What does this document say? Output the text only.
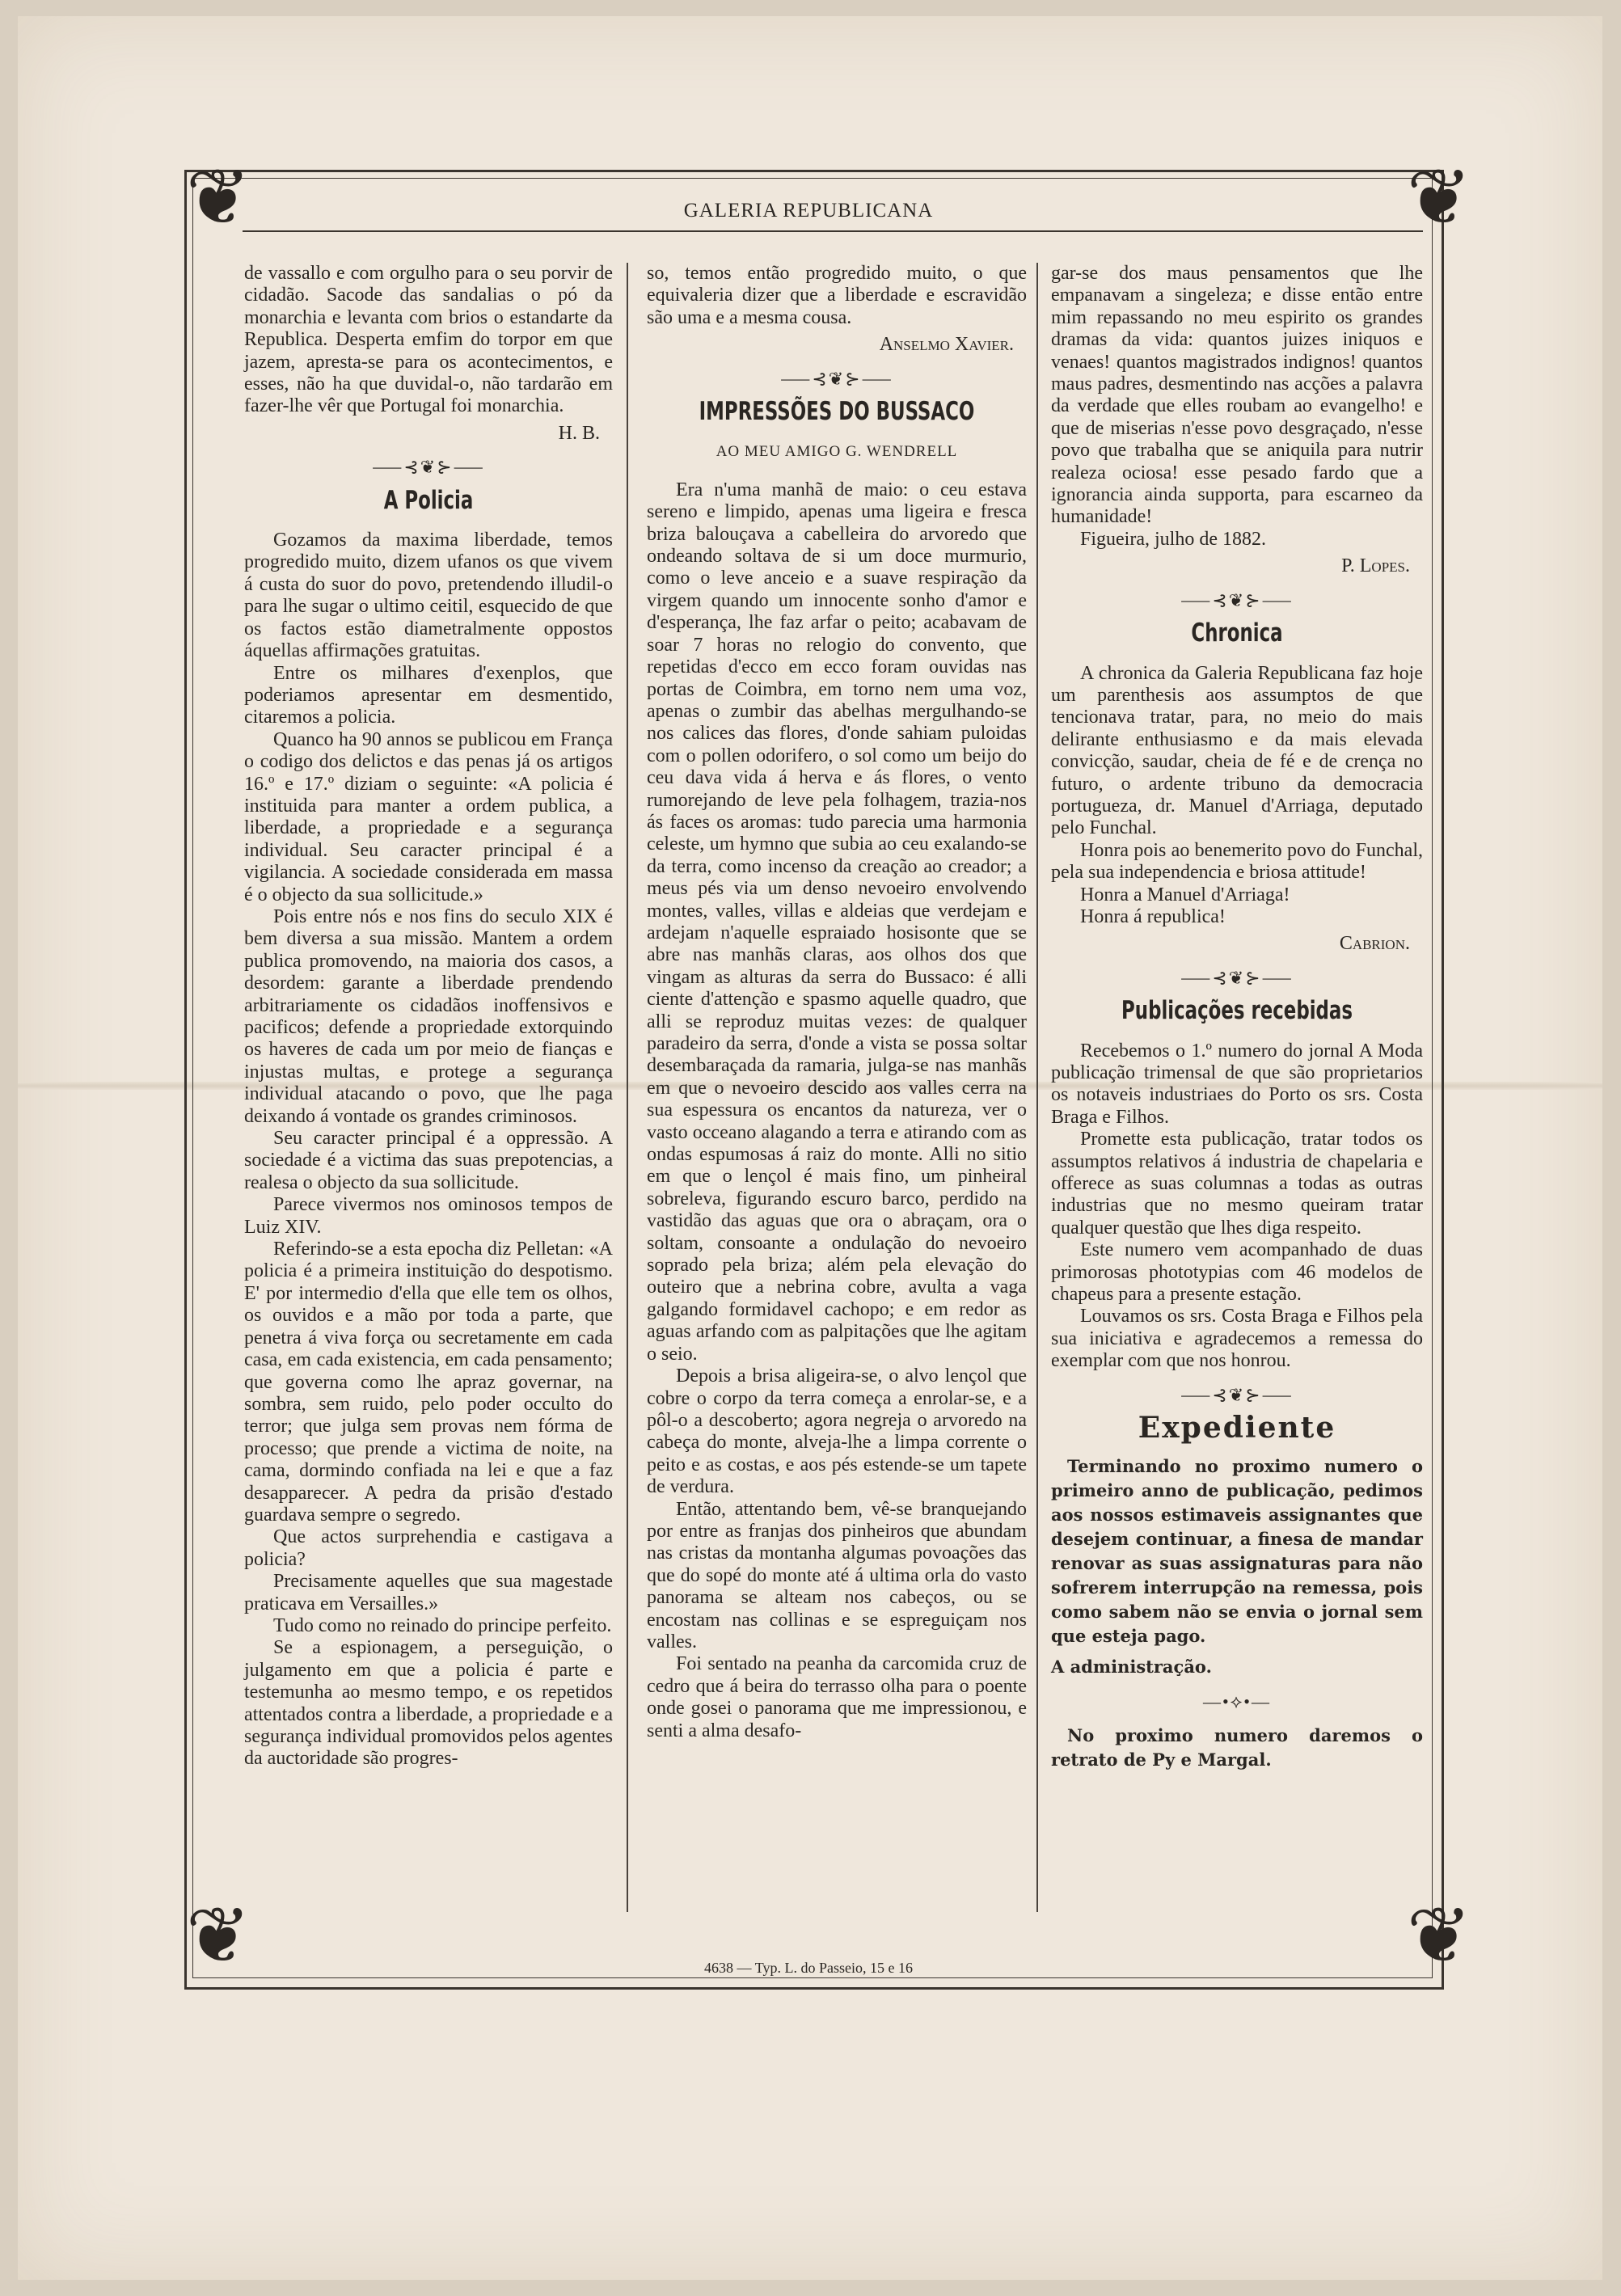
❦	❦
❦	❦
GALERIA REPUBLICANA

de vassallo e com orgulho para o seu porvir de cidadão. Sacode das sandalias o pó da monarchia e levanta com brios o estandarte da Republica. Desperta emfim do torpor em que jazem, apresta-se para os acontecimentos, e esses, não ha que duvidal-o, não tardarão em fazer-lhe vêr que Portugal foi monarchia.

H. B.
⸺⊰❦⊱⸺
A Policia

Gozamos da maxima liberdade, temos progredido muito, dizem ufanos os que vivem á custa do suor do povo, pretendendo illudil-o para lhe sugar o ultimo ceitil, esquecido de que os factos estão diametralmente oppostos áquellas affirmações gratuitas.

Entre os milhares d'exenplos, que poderiamos apresentar em desmentido, citaremos a policia.

Quanco ha 90 annos se publicou em França o codigo dos delictos e das penas já os artigos 16.º e 17.º diziam o seguinte: «A policia é instituida para manter a ordem publica, a liberdade, a propriedade e a segurança individual. Seu caracter principal é a vigilancia. A sociedade considerada em massa é o objecto da sua sollicitude.»

Pois entre nós e nos fins do seculo XIX é bem diversa a sua missão. Mantem a ordem publica promovendo, na maioria dos casos, a desordem: garante a liberdade prendendo arbitrariamente os cidadãos inoffensivos e pacificos; defende a propriedade extorquindo os haveres de cada um por meio de fianças e injustas multas, e protege a segurança individual atacando o povo, que lhe paga deixando á vontade os grandes criminosos.

Seu caracter principal é a oppressão. A sociedade é a victima das suas prepotencias, a realesa o objecto da sua sollicitude.

Parece vivermos nos ominosos tempos de Luiz XIV.

Referindo-se a esta epocha diz Pelletan: «A policia é a primeira instituição do despotismo. E' por intermedio d'ella que elle tem os olhos, os ouvidos e a mão por toda a parte, que penetra á viva força ou secretamente em cada casa, em cada existencia, em cada pensamento; que governa como lhe apraz governar, na sombra, sem ruido, pelo poder occulto do terror; que julga sem provas nem fórma de processo; que prende a victima de noite, na cama, dormindo confiada na lei e que a faz desapparecer. A pedra da prisão d'estado guardava sempre o segredo.

Que actos surprehendia e castigava a policia?

Precisamente aquelles que sua magestade praticava em Versailles.»

Tudo como no reinado do principe perfeito.

Se a espionagem, a perseguição, o julgamento em que a policia é parte e testemunha ao mesmo tempo, e os repetidos attentados contra a liberdade, a propriedade e a segurança individual promovidos pelos agentes da auctoridade são progres-

so, temos então progredido muito, o que equivaleria dizer que a liberdade e escravidão são uma e a mesma cousa.

Anselmo Xavier.
⸺⊰❦⊱⸺
IMPRESSÕES DO BUSSACO
AO MEU AMIGO G. WENDRELL

Era n'uma manhã de maio: o ceu estava sereno e limpido, apenas uma ligeira e fresca briza balouçava a cabelleira do arvoredo que ondeando soltava de si um doce murmurio, como o leve anceio e a suave respiração da virgem quando um innocente sonho d'amor e d'esperança, lhe faz arfar o peito; acabavam de soar 7 horas no relogio do convento, que repetidas d'ecco em ecco foram ouvidas nas portas de Coimbra, em torno nem uma voz, apenas o zumbir das abelhas mergulhando-se nos calices das flores, d'onde sahiam puloidas com o pollen odorifero, o sol como um beijo do ceu dava vida á herva e ás flores, o vento rumorejando de leve pela folhagem, trazia-nos ás faces os aromas: tudo parecia uma harmonia celeste, um hymno que subia ao ceu exalando-se da terra, como incenso da creação ao creador; a meus pés via um denso nevoeiro envolvendo montes, valles, villas e aldeias que verdejam e ardejam n'aquelle espraiado hosisonte que se abre nas manhãs claras, aos olhos dos que vingam as alturas da serra do Bussaco: é alli ciente d'attenção e spasmo aquelle quadro, que alli se reproduz muitas vezes: de qualquer paradeiro da serra, d'onde a vista se possa soltar desembaraçada da ramaria, julga-se nas manhãs em que o nevoeiro descido aos valles cerra na sua espessura os encantos da natureza, ver o vasto occeano alagando a terra e atirando com as ondas espumosas á raiz do monte. Alli no sitio em que o lençol é mais fino, um pinheiral sobreleva, figurando escuro barco, perdido na vastidão das aguas que ora o abraçam, ora o soltam, consoante a ondulação do nevoeiro soprado pela briza; além pela elevação do outeiro que a nebrina cobre, avulta a vaga galgando formidavel cachopo; e em redor as aguas arfando com as palpitações que lhe agitam o seio.

Depois a brisa aligeira-se, o alvo lençol que cobre o corpo da terra começa a enrolar-se, e a pôl-o a descoberto; agora negreja o arvoredo na cabeça do monte, alveja-lhe a limpa corrente o peito e as costas, e aos pés estende-se um tapete de verdura.

Então, attentando bem, vê-se branquejando por entre as franjas dos pinheiros que abundam nas cristas da montanha algumas povoações das que do sopé do monte até á ultima orla do vasto panorama se alteam nos cabeços, ou se encostam nas collinas e se espreguiçam nos valles.

Foi sentado na peanha da carcomida cruz de cedro que á beira do terrasso olha para o poente onde gosei o panorama que me impressionou, e senti a alma desafo-

gar-se dos maus pensamentos que lhe empanavam a singeleza; e disse então entre mim repassando no meu espirito os grandes dramas da vida: quantos juizes iniquos e venaes! quantos magistrados indignos! quantos maus padres, desmentindo nas acções a palavra da verdade que elles roubam ao evangelho! e que de miserias n'esse povo desgraçado, n'esse povo que trabalha que se aniquila para nutrir realeza ociosa! esse pesado fardo que a ignorancia ainda supporta, para escarneo da humanidade!

Figueira, julho de 1882.

P. Lopes.
⸺⊰❦⊱⸺
Chronica

A chronica da Galeria Republicana faz hoje um parenthesis aos assumptos de que tencionava tratar, para, no meio do mais delirante enthusiasmo e da mais elevada convicção, saudar, cheia de fé e de crença no futuro, o ardente tribuno da democracia portugueza, dr. Manuel d'Arriaga, deputado pelo Funchal.

Honra pois ao benemerito povo do Funchal, pela sua independencia e briosa attitude!

Honra a Manuel d'Arriaga!

Honra á republica!

Cabrion.
⸺⊰❦⊱⸺
Publicações recebidas

Recebemos o 1.º numero do jornal A Moda publicação trimensal de que são proprietarios os notaveis industriaes do Porto os srs. Costa Braga e Filhos.

Promette esta publicação, tratar todos os assumptos relativos á industria de chapelaria e offerece as suas columnas a todas as outras industrias que no mesmo queiram tratar qualquer questão que lhes diga respeito.

Este numero vem acompanhado de duas primorosas phototypias com 46 modelos de chapeus para a presente estação.

Louvamos os srs. Costa Braga e Filhos pela sua iniciativa e agradecemos a remessa do exemplar com que nos honrou.

⸺⊰❦⊱⸺
Expediente
Terminando no proximo numero o primeiro anno de publicação, pedimos aos nossos estimaveis assignantes que desejem continuar, a finesa de mandar renovar as suas assignaturas para não sofrerem interrupção na remessa, pois como sabem não se envia o jornal sem que esteja pago.
A administração.
—•⟡•—
No proximo numero daremos o retrato de Py e Margal.
4638 — Typ. L. do Passeio, 15 e 16
